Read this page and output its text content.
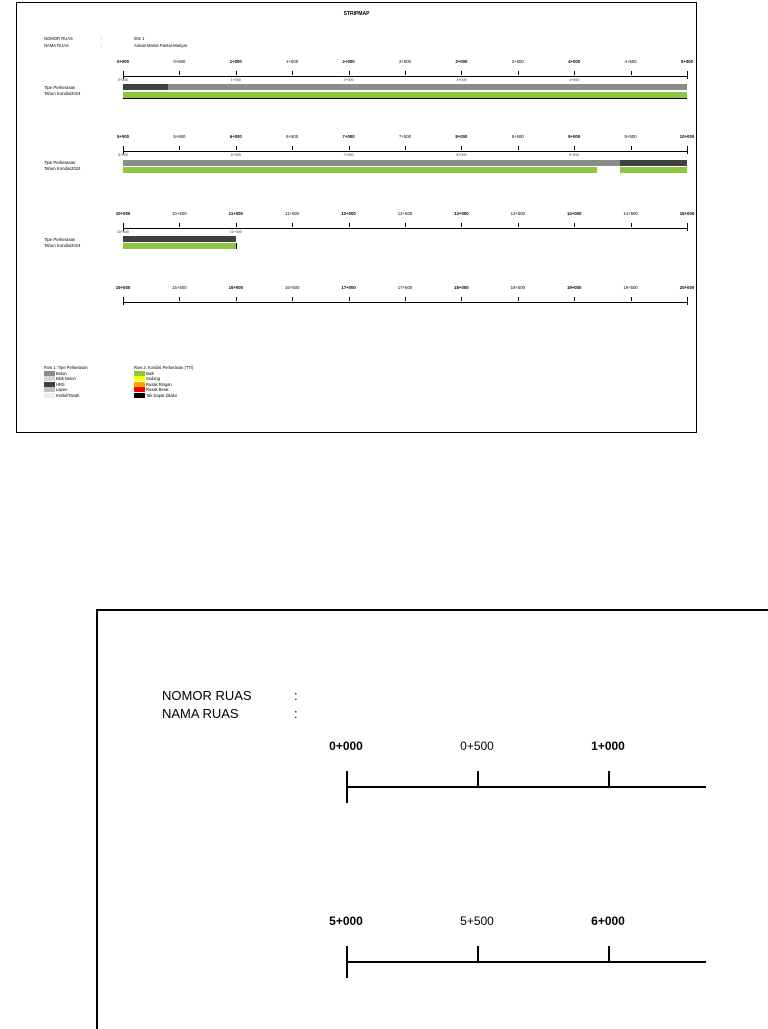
STRIPMAP
NOMOR RUAS	:	001 1
NAMA RUAS	:	Aimas-Mariat Pantai-Mariyat
0+000	0+500	1+000	1+500	2+000	2+500	3+000	3+500	4+000	4+500	5+000
Tipe Perkerasan
Tahun Kondisi2024
0+000	1+000	2+000	3+000	4+000
5+000	5+500	6+000	6+500	7+000	7+500	8+000	8+500	9+000	9+500	10+000
Tipe Perkerasan
Tahun Kondisi2024
5+000	6+000	7+000	8+000	9+000
10+000	10+500	11+000	11+500	12+000	12+500	13+000	13+500	14+000	14+500	15+000
Tipe Perkerasan
Tahun Kondisi2024
10+000	11+000
15+000	15+500	16+000	16+500	17+000	17+500	18+000	18+500	19+000	19+500	20+000
Row 1: Tipe Perkerasan
Beton
Blok Beton
HRS
Lapen
Kerikil/Tanah
Row 2: Kondisi Perkerasan (TTI)
Baik
Sedang
Rusak Ringan
Rusak Berat
Tak Dapat Dilalui
NOMOR RUAS	:
NAMA RUAS	:
0+000	0+500	1+000
5+000	5+500	6+000
